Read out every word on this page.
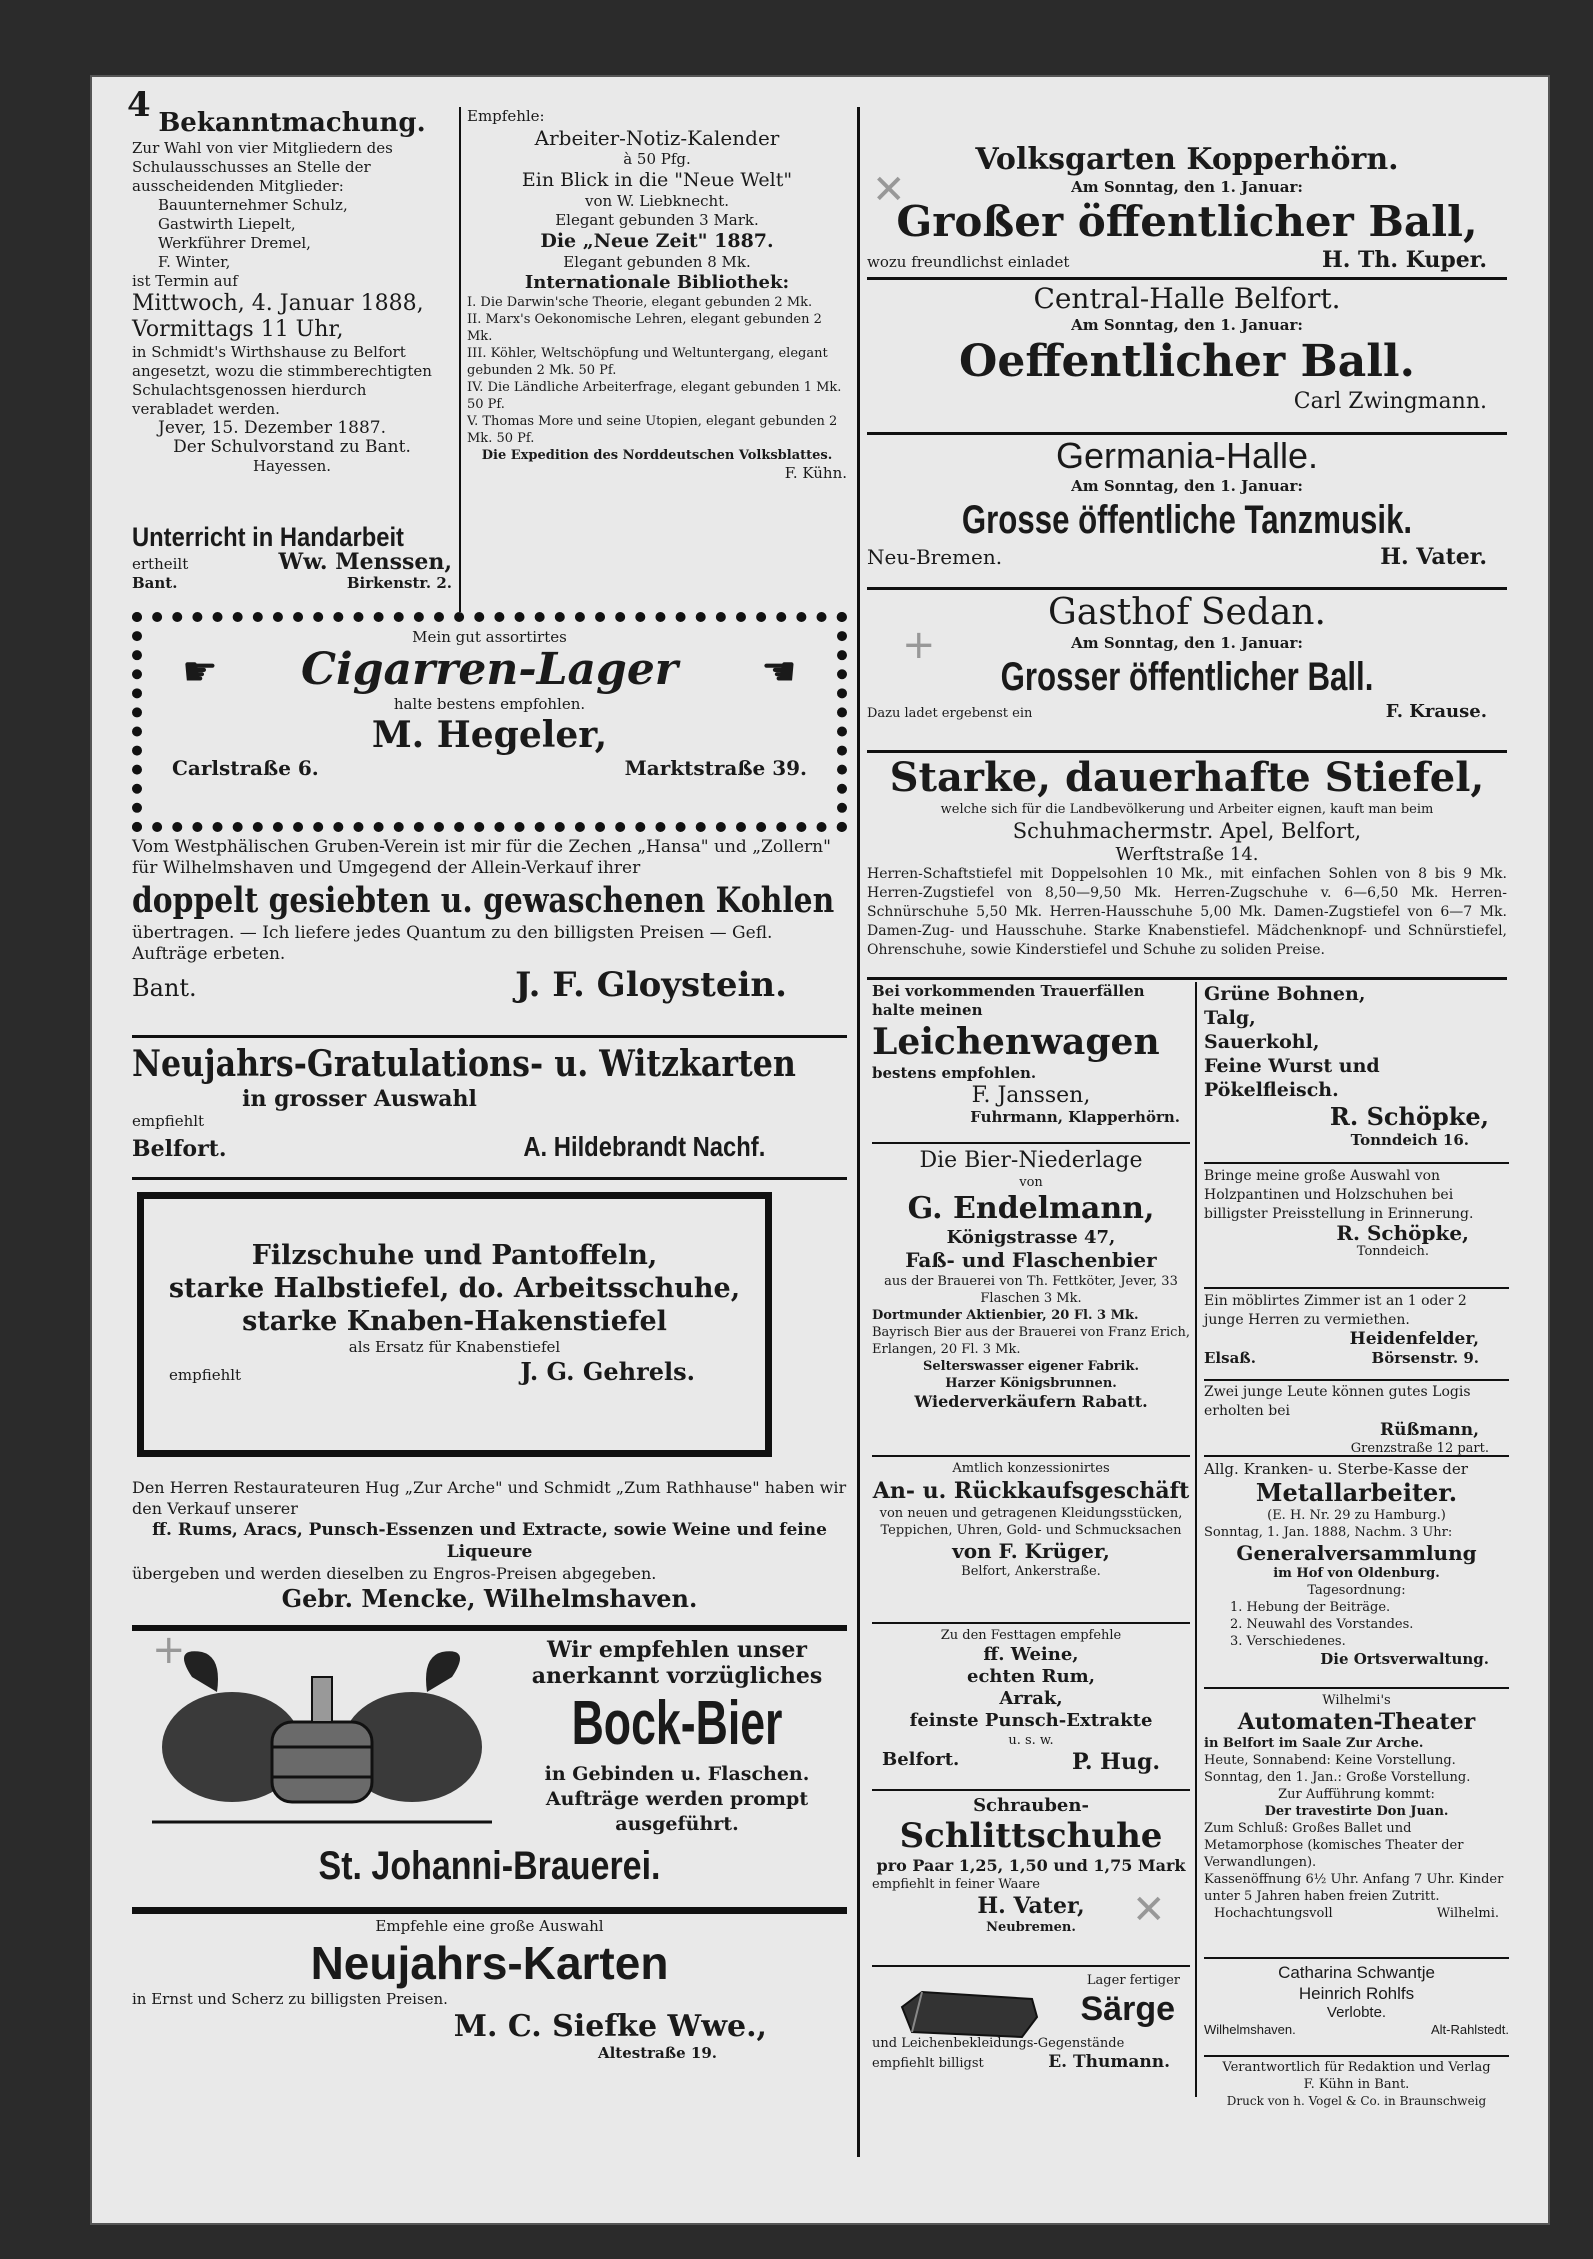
4 Bekanntmachung.
Zur Wahl von vier Mitgliedern des Schulausschusses an Stelle der ausscheidenden Mitglieder:
Bauunternehmer Schulz,
Gastwirth Liepelt,
Werkführer Dremel,
F. Winter,
ist Termin auf
Mittwoch, 4. Januar 1888,
Vormittags 11 Uhr,
in Schmidt's Wirthshause zu Belfort angesetzt, wozu die stimmberechtigten Schulachtsgenossen hierdurch verabladet werden.
Jever, 15. Dezember 1887.
Der Schulvorstand zu Bant.
Hayessen.
Unterricht in Handarbeit
ertheilt	Ww. Menssen,
Bant.	Birkenstr. 2.
Empfehle:
Arbeiter-Notiz-Kalender
à 50 Pfg.
Ein Blick in die "Neue Welt"
von W. Liebknecht.
Elegant gebunden 3 Mark.
Die „Neue Zeit" 1887.
Elegant gebunden 8 Mk.
Internationale Bibliothek:
I. Die Darwin'sche Theorie, elegant gebunden 2 Mk.
II. Marx's Oekonomische Lehren, elegant gebunden 2 Mk.
III. Köhler, Weltschöpfung und Weltuntergang, elegant gebunden 2 Mk. 50 Pf.
IV. Die Ländliche Arbeiterfrage, elegant gebunden 1 Mk. 50 Pf.
V. Thomas More und seine Utopien, elegant gebunden 2 Mk. 50 Pf.
Die Expedition des Norddeutschen Volksblattes.
F. Kühn.
Mein gut assortirtes
☛ Cigarren-Lager ☛
halte bestens empfohlen.
M. Hegeler,
Carlstraße 6.	Marktstraße 39.
Vom Westphälischen Gruben-Verein ist mir für die Zechen „Hansa" und „Zollern" für Wilhelmshaven und Umgegend der Allein-Verkauf ihrer
doppelt gesiebten u. gewaschenen Kohlen
übertragen. — Ich liefere jedes Quantum zu den billigsten Preisen — Gefl. Aufträge erbeten.
Bant.	J. F. Gloystein.
Neujahrs-Gratulations- u. Witzkarten
in grosser Auswahl
empfiehlt
Belfort.	A. Hildebrandt Nachf.
Filzschuhe und Pantoffeln,
starke Halbstiefel, do. Arbeitsschuhe,
starke Knaben-Hakenstiefel
als Ersatz für Knabenstiefel
empfiehlt	J. G. Gehrels.
Den Herren Restaurateuren Hug „Zur Arche" und Schmidt „Zum Rathhause" haben wir den Verkauf unserer
ff. Rums, Aracs, Punsch-Essenzen und Extracte, sowie Weine und feine Liqueure
übergeben und werden dieselben zu Engros-Preisen abgegeben.
Gebr. Mencke, Wilhelmshaven.
Wir empfehlen unser
anerkannt vorzügliches
Bock-Bier
in Gebinden u. Flaschen.
Aufträge werden prompt
ausgeführt.
St. Johanni-Brauerei.
Empfehle eine große Auswahl
Neujahrs-Karten
in Ernst und Scherz zu billigsten Preisen.
M. C. Siefke Wwe.,
Altestraße 19.
Volksgarten Kopperhörn.
Am Sonntag, den 1. Januar:
Großer öffentlicher Ball,
wozu freundlichst einladet	H. Th. Kuper.
Central-Halle Belfort.
Am Sonntag, den 1. Januar:
Oeffentlicher Ball.
Carl Zwingmann.
Germania-Halle.
Am Sonntag, den 1. Januar:
Grosse öffentliche Tanzmusik.
Neu-Bremen.	H. Vater.
Gasthof Sedan.
Am Sonntag, den 1. Januar:
Grosser öffentlicher Ball.
Dazu ladet ergebenst ein	F. Krause.
Starke, dauerhafte Stiefel,
welche sich für die Landbevölkerung und Arbeiter eignen, kauft man beim
Schuhmachermstr. Apel, Belfort,
Werftstraße 14.
Herren-Schaftstiefel mit Doppelsohlen 10 Mk., mit einfachen Sohlen von 8 bis 9 Mk. Herren-Zugstiefel von 8,50—9,50 Mk. Herren-Zugschuhe v. 6—6,50 Mk. Herren-Schnürschuhe 5,50 Mk. Herren-Hausschuhe 5,00 Mk. Damen-Zugstiefel von 6—7 Mk. Damen-Zug- und Hausschuhe. Starke Knabenstiefel. Mädchenknopf- und Schnürstiefel, Ohrenschuhe, sowie Kinderstiefel und Schuhe zu soliden Preise.
Bei vorkommenden Trauerfällen
halte meinen
Leichenwagen
bestens empfohlen.
F. Janssen,
Fuhrmann, Klapperhörn.
Grüne Bohnen,
Talg,
Sauerkohl,
Feine Wurst und
Pökelfleisch.
R. Schöpke,
Tonndeich 16.
Die Bier-Niederlage
von
G. Endelmann,
Königstrasse 47,
Faß- und Flaschenbier
aus der Brauerei von Th. Fettköter, Jever, 33 Flaschen 3 Mk.
Dortmunder Aktienbier, 20 Fl. 3 Mk.
Bayrisch Bier aus der Brauerei von Franz Erich, Erlangen, 20 Fl. 3 Mk.
Selterswasser eigener Fabrik.
Harzer Königsbrunnen.
Wiederverkäufern Rabatt.
Bringe meine große Auswahl von Holzpantinen und Holzschuhen bei billigster Preisstellung in Erinnerung.
R. Schöpke,
Tonndeich.
Ein möblirtes Zimmer ist an 1 oder 2 junge Herren zu vermiethen.
Heidenfelder,
Elsaß.	Börsenstr. 9.
Zwei junge Leute können gutes Logis erholten bei
Rüßmann,
Grenzstraße 12 part.
Amtlich konzessionirtes
An- u. Rückkaufsgeschäft
von neuen und getragenen Kleidungsstücken, Teppichen, Uhren, Gold- und Schmucksachen
von F. Krüger,
Belfort, Ankerstraße.
Allg. Kranken- u. Sterbe-Kasse der
Metallarbeiter.
(E. H. Nr. 29 zu Hamburg.)
Sonntag, 1. Jan. 1888, Nachm. 3 Uhr:
Generalversammlung
im Hof von Oldenburg.
Tagesordnung:
1. Hebung der Beiträge.
2. Neuwahl des Vorstandes.
3. Verschiedenes.
Die Ortsverwaltung.
Zu den Festtagen empfehle
ff. Weine,
echten Rum,
Arrak,
feinste Punsch-Extrakte
u. s. w.
Belfort.	P. Hug.
Wilhelmi's
Automaten-Theater
in Belfort im Saale Zur Arche.
Heute, Sonnabend: Keine Vorstellung.
Sonntag, den 1. Jan.: Große Vorstellung.
Zur Aufführung kommt:
Der travestirte Don Juan.
Zum Schluß: Großes Ballet und Metamorphose (komisches Theater der Verwandlungen).
Kassenöffnung 6½ Uhr. Anfang 7 Uhr. Kinder unter 5 Jahren haben freien Zutritt.
Hochachtungsvoll	Wilhelmi.
Schrauben-
Schlittschuhe
pro Paar 1,25, 1,50 und 1,75 Mark
empfiehlt in feiner Waare
H. Vater,
Neubremen.
Catharina Schwantje
Heinrich Rohlfs
Verlobte.
Wilhelmshaven.	Alt-Rahlstedt.
Lager fertiger
Särge
und Leichenbekleidungs-Gegenstände
empfiehlt billigst	E. Thumann.	Verantwortlich für Redaktion und Verlag
F. Kühn in Bant.
Druck von h. Vogel & Co. in Braunschweig
✕
+
+
✕
